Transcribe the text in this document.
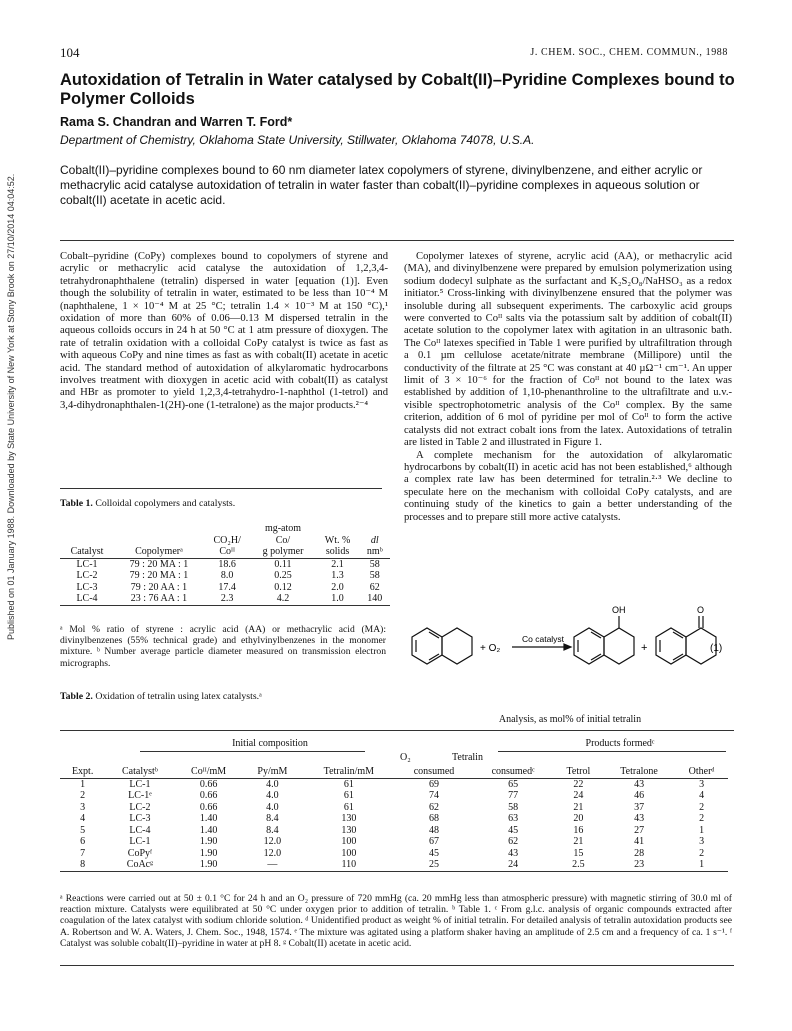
Published on 01 January 1988. Downloaded by State University of New York at Stony Brook on 27/10/2014 04:04:52.
104	J. CHEM. SOC., CHEM. COMMUN., 1988
Autoxidation of Tetralin in Water catalysed by Cobalt(II)–Pyridine Complexes bound to Polymer Colloids
Rama S. Chandran and Warren T. Ford*
Department of Chemistry, Oklahoma State University, Stillwater, Oklahoma 74078, U.S.A.
Cobalt(II)–pyridine complexes bound to 60 nm diameter latex copolymers of styrene, divinylbenzene, and either acrylic or methacrylic acid catalyse autoxidation of tetralin in water faster than cobalt(II)–pyridine complexes in aqueous solution or cobalt(II) acetate in acetic acid.

Cobalt–pyridine (CoPy) complexes bound to copolymers of styrene and acrylic or methacrylic acid catalyse the autoxidation of 1,2,3,4-tetrahydronaphthalene (tetralin) dispersed in water [equation (1)]. Even though the solubility of tetralin in water, estimated to be less than 10⁻⁴ M (naphthalene, 1 × 10⁻⁴ M at 25 °C; tetralin 1.4 × 10⁻³ M at 150 °C),¹ oxidation of more than 60% of 0.06—0.13 M dispersed tetralin in the aqueous colloids occurs in 24 h at 50 °C at 1 atm pressure of dioxygen. The rate of tetralin oxidation with a colloidal CoPy catalyst is twice as fast as with aqueous CoPy and nine times as fast as with cobalt(II) acetate in acetic acid. The standard method of autoxidation of alkylaromatic hydrocarbons involves treatment with dioxygen in acetic acid with cobalt(II) as catalyst and HBr as promoter to yield 1,2,3,4-tetrahydro-1-naphthol (1-tetrol) and 3,4-dihydronaphthalen-1(2H)-one (1-tetralone) as the major products.²⁻⁴

Copolymer latexes of styrene, acrylic acid (AA), or methacrylic acid (MA), and divinylbenzene were prepared by emulsion polymerization using sodium dodecyl sulphate as the surfactant and K₂S₂O₈/NaHSO₃ as a redox initiator.⁵ Cross-linking with divinylbenzene ensured that the polymer was insoluble during all subsequent experiments. The carboxylic acid groups were converted to Coᴵᴵ salts via the potassium salt by addition of cobalt(II) acetate solution to the copolymer latex with agitation in an ultrasonic bath. The Coᴵᴵ latexes specified in Table 1 were purified by ultrafiltration through a 0.1 µm cellulose acetate/nitrate membrane (Millipore) until the conductivity of the filtrate at 25 °C was constant at 40 µΩ⁻¹ cm⁻¹. An upper limit of 3 × 10⁻⁶ for the fraction of Coᴵᴵ not bound to the latex was established by addition of 1,10-phenanthroline to the ultrafiltrate and u.v.-visible spectrophotometric analysis of the Coᴵᴵ complex. By the same criterion, addition of 6 mol of pyridine per mol of Coᴵᴵ to form the active catalysts did not extract cobalt ions from the latex. Autoxidations of tetralin are listed in Table 2 and illustrated in Figure 1.

A complete mechanism for the autoxidation of alkylaromatic hydrocarbons by cobalt(II) in acetic acid has not been established,⁶ although a complex rate law has been determined for tetralin.²·³ We decline to speculate here on the mechanism with colloidal CoPy catalysts, and are continuing study of the kinetics to gain a better understanding of the processes and to prepare still more active catalysts.

Table 1. Colloidal copolymers and catalysts.
			mg-atom		
		CO₂H/	Co/	Wt. %	dl
Catalyst	Copolymerᵃ	Coᴵᴵ	g polymer	solids	nmᵇ
LC-1	79 : 20 MA : 1	18.6	0.11	2.1	58
LC-2	79 : 20 MA : 1	8.0	0.25	1.3	58
LC-3	79 : 20 AA : 1	17.4	0.12	2.0	62
LC-4	23 : 76 AA : 1	2.3	4.2	1.0	140
ᵃ Mol % ratio of styrene : acrylic acid (AA) or methacrylic acid (MA): divinylbenzenes (55% technical grade) and ethylvinylbenzenes in the monomer mixture. ᵇ Number average particle diameter measured on transmission electron micrographs.
+ O₂
Co catalyst
+
OH	O
(1)
Table 2. Oxidation of tetralin using latex catalysts.ᵃ
Analysis, as mol% of initial tetralin
Initial composition	Products formedᶜ
O₂	Tetralin
Expt.	Catalystᵇ	Coᴵᴵ/mM	Py/mM	Tetralin/mM	consumed	consumedᶜ	Tetrol	Tetralone	Otherᵈ
1	LC-1	0.66	4.0	61	69	65	22	43	3
2	LC-1ᵉ	0.66	4.0	61	74	77	24	46	4
3	LC-2	0.66	4.0	61	62	58	21	37	2
4	LC-3	1.40	8.4	130	68	63	20	43	2
5	LC-4	1.40	8.4	130	48	45	16	27	1
6	LC-1	1.90	12.0	100	67	62	21	41	3
7	CoPyᶠ	1.90	12.0	100	45	43	15	28	2
8	CoAcᵍ	1.90	—	110	25	24	2.5	23	1
ᵃ Reactions were carried out at 50 ± 0.1 °C for 24 h and an O₂ pressure of 720 mmHg (ca. 20 mmHg less than atmospheric pressure) with magnetic stirring of 30.0 ml of reaction mixture. Catalysts were equilibrated at 50 °C under oxygen prior to addition of tetralin. ᵇ Table 1. ᶜ From g.l.c. analysis of organic compounds extracted after coagulation of the latex catalyst with sodium chloride solution. ᵈ Unidentified product as weight % of initial tetralin. For detailed analysis of tetralin autoxidation products see A. Robertson and W. A. Waters, J. Chem. Soc., 1948, 1574. ᵉ The mixture was agitated using a platform shaker having an amplitude of 2.5 cm and a frequency of ca. 1 s⁻¹. ᶠ Catalyst was soluble cobalt(II)–pyridine in water at pH 8. ᵍ Cobalt(II) acetate in acetic acid.
